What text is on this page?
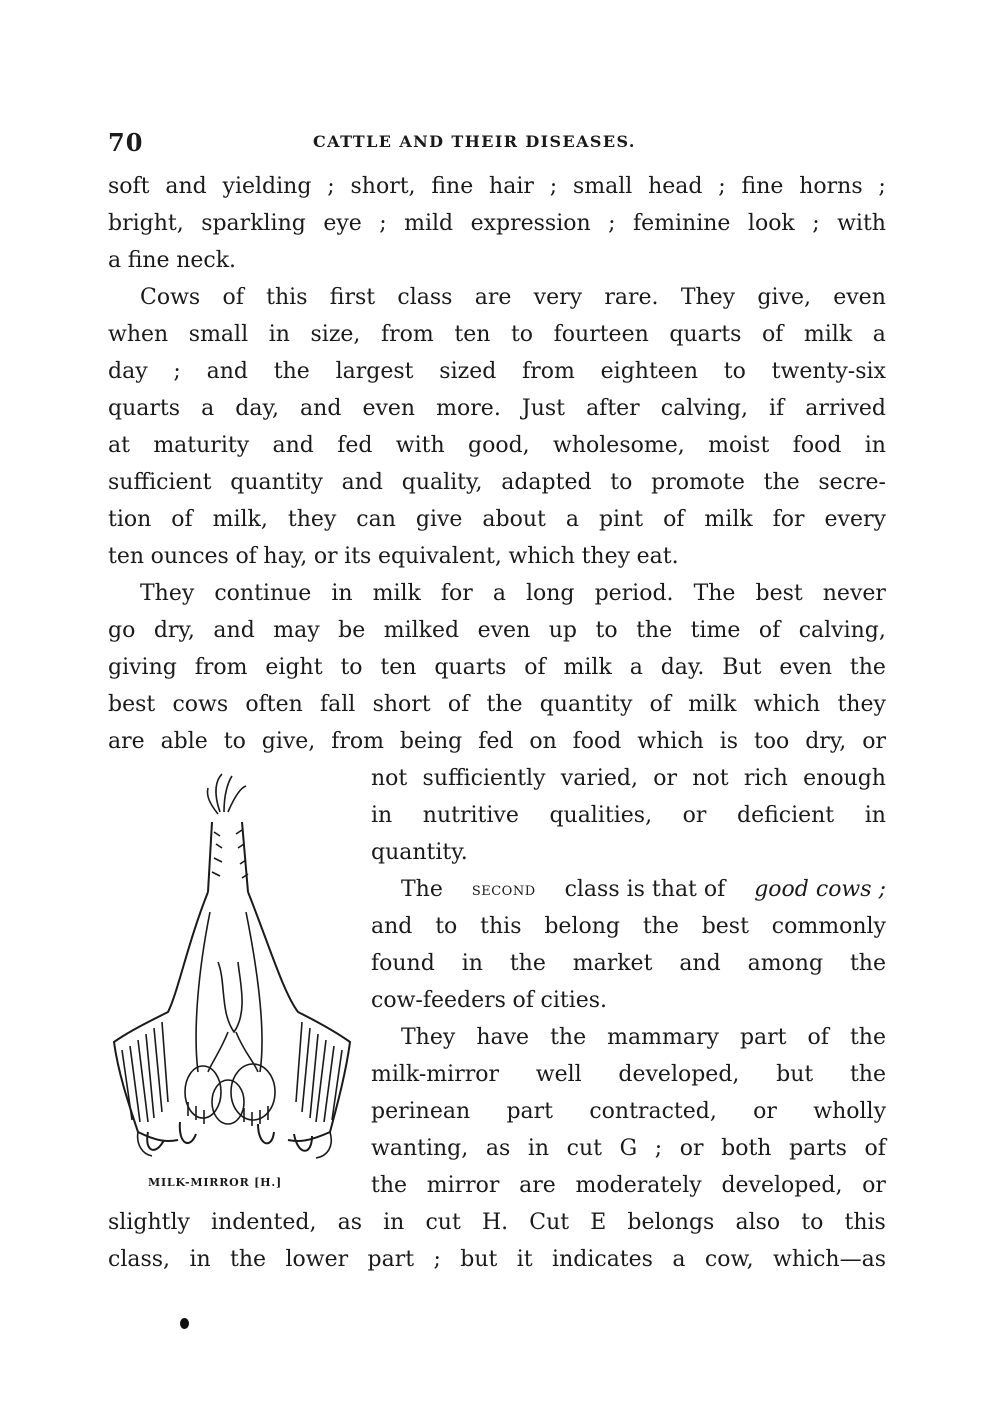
70	CATTLE AND THEIR DISEASES.
soft and yielding ; short, fine hair ; small head ; fine horns ;
bright, sparkling eye ; mild expression ; feminine look ; with
a fine neck.
Cows of this first class are very rare. They give, even
when small in size, from ten to fourteen quarts of milk a
day ; and the largest sized from eighteen to twenty-six
quarts a day, and even more. Just after calving, if arrived
at maturity and fed with good, wholesome, moist food in
sufficient quantity and quality, adapted to promote the secre-
tion of milk, they can give about a pint of milk for every
ten ounces of hay, or its equivalent, which they eat.
They continue in milk for a long period. The best never
go dry, and may be milked even up to the time of calving,
giving from eight to ten quarts of milk a day. But even the
best cows often fall short of the quantity of milk which they
are able to give, from being fed on food which is too dry, or
not sufficiently varied, or not rich enough
in nutritive qualities, or deficient in
quantity.
The second class is that of good cows ;
and to this belong the best commonly
found in the market and among the
cow-feeders of cities.
They have the mammary part of the
milk-mirror well developed, but the
perinean part contracted, or wholly
wanting, as in cut G ; or both parts of
the mirror are moderately developed, or
slightly indented, as in cut H. Cut E belongs also to this
class, in the lower part ; but it indicates a cow, which—as
MILK-MIRROR [H.]
